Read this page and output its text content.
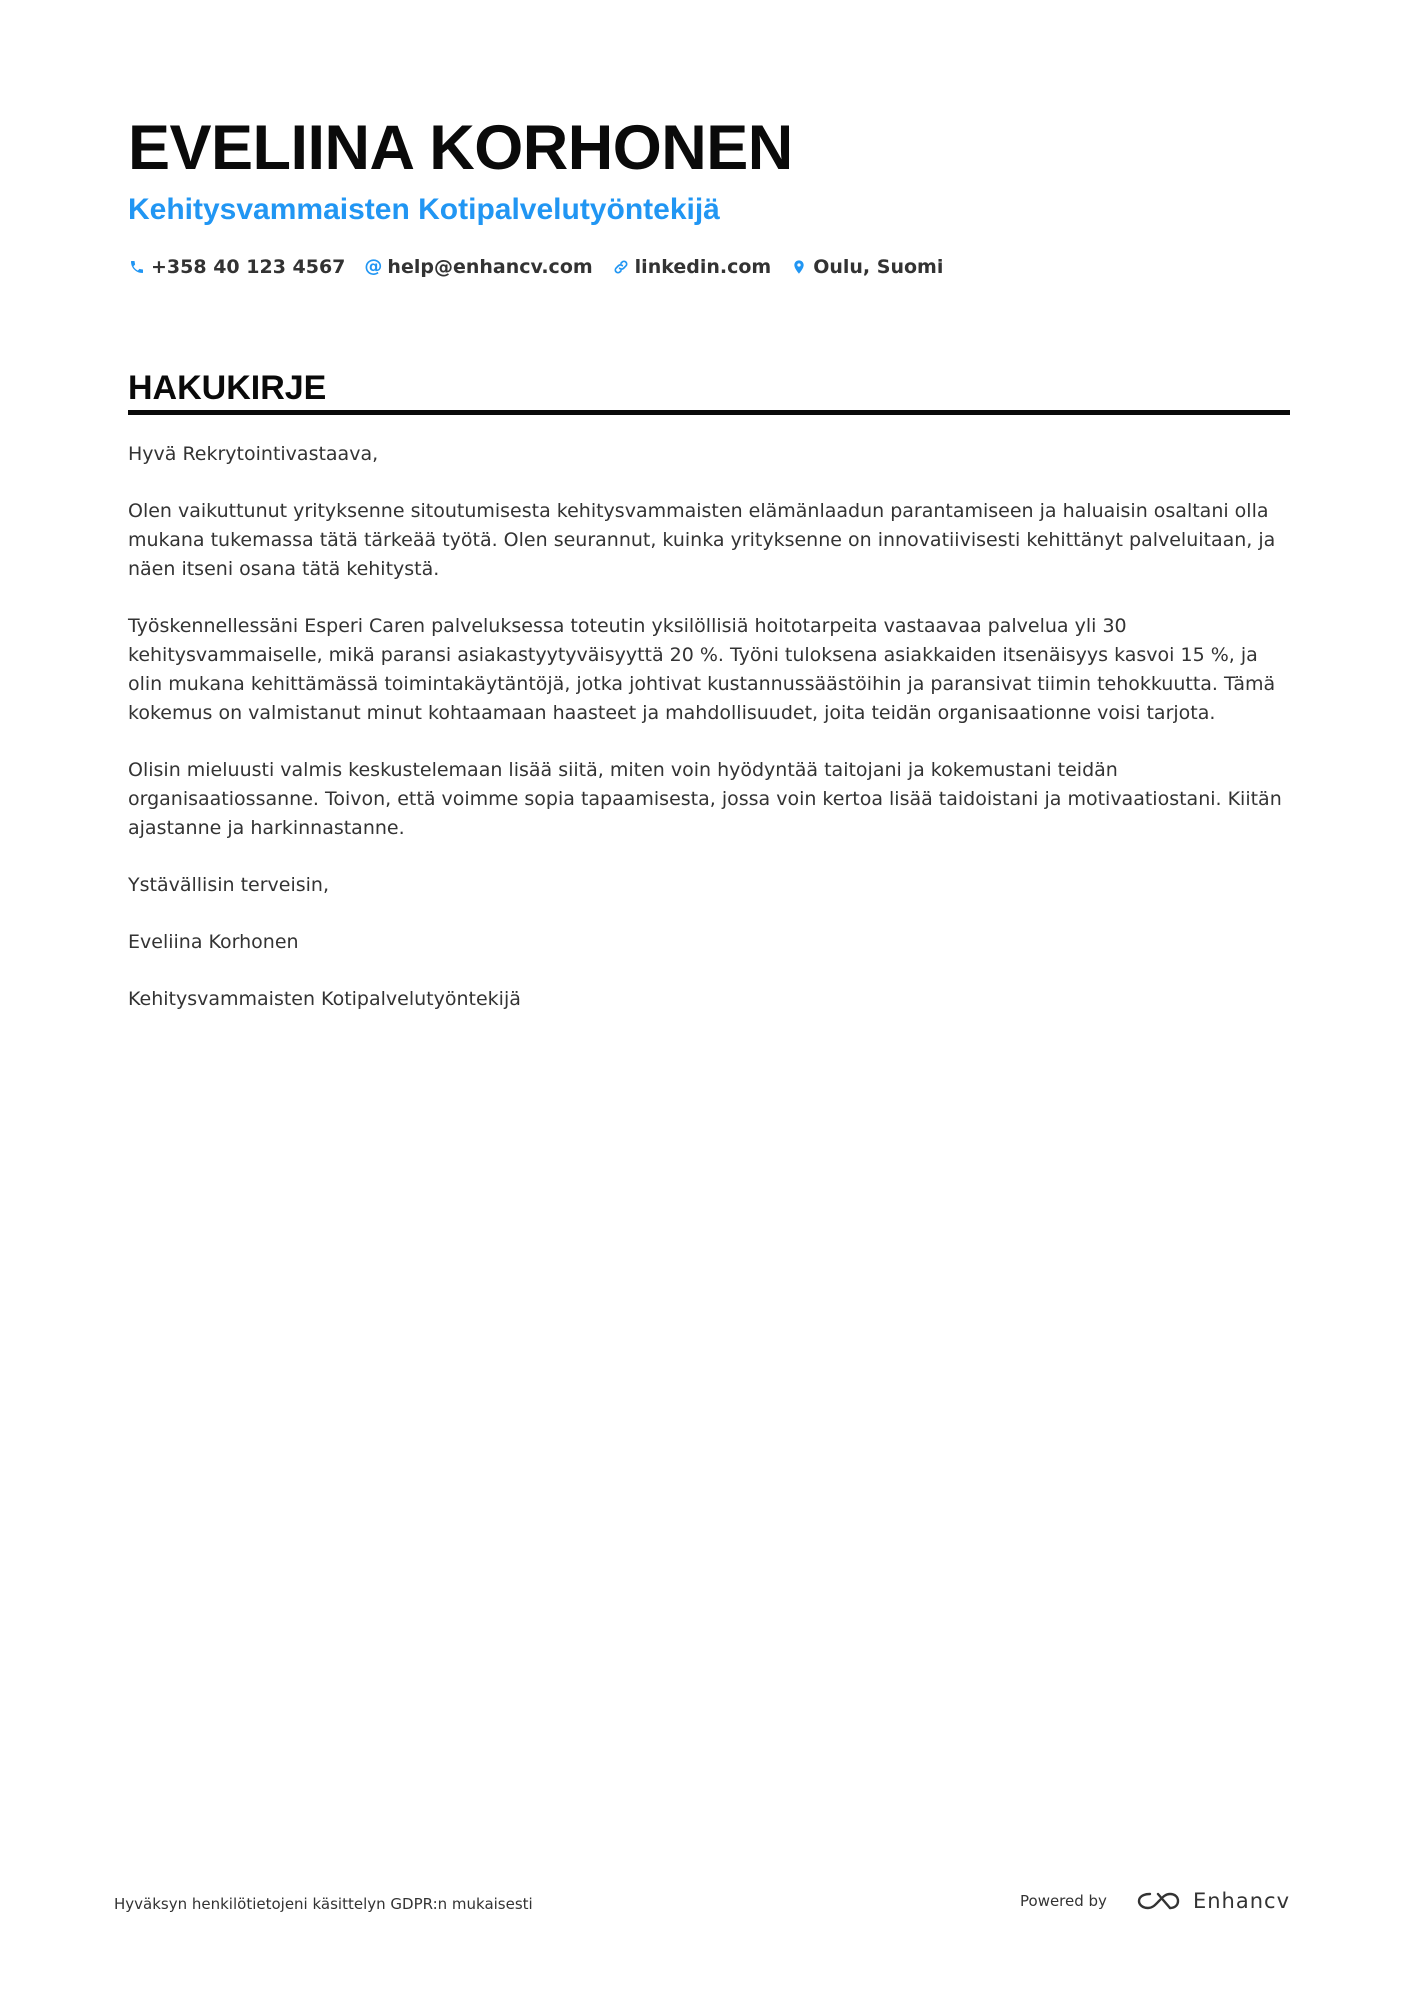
EVELIINA KORHONEN
Kehitysvammaisten Kotipalvelutyöntekijä
+358 40 123 4567 @ help@enhancv.com linkedin.com Oulu, Suomi
HAKUKIRJE

Hyvä Rekrytointivastaava,

Olen vaikuttunut yrityksenne sitoutumisesta kehitysvammaisten elämänlaadun parantamiseen ja haluaisin osaltani olla mukana tukemassa tätä tärkeää työtä. Olen seurannut, kuinka yrityksenne on innovatiivisesti kehittänyt palveluitaan, ja näen itseni osana tätä kehitystä.

Työskennellessäni Esperi Caren palveluksessa toteutin yksilöllisiä hoitotarpeita vastaavaa palvelua yli 30 kehitysvammaiselle, mikä paransi asiakastyytyväisyyttä 20 %. Työni tuloksena asiakkaiden itsenäisyys kasvoi 15 %, ja olin mukana kehittämässä toimintakäytäntöjä, jotka johtivat kustannussäästöihin ja paransivat tiimin tehokkuutta. Tämä kokemus on valmistanut minut kohtaamaan haasteet ja mahdollisuudet, joita teidän organisaationne voisi tarjota.

Olisin mieluusti valmis keskustelemaan lisää siitä, miten voin hyödyntää taitojani ja kokemustani teidän organisaatiossanne. Toivon, että voimme sopia tapaamisesta, jossa voin kertoa lisää taidoistani ja motivaatiostani. Kiitän ajastanne ja harkinnastanne.

Ystävällisin terveisin,

Eveliina Korhonen

Kehitysvammaisten Kotipalvelutyöntekijä

Hyväksyn henkilötietojeni käsittelyn GDPR:n mukaisesti	Powered by	Enhancv
